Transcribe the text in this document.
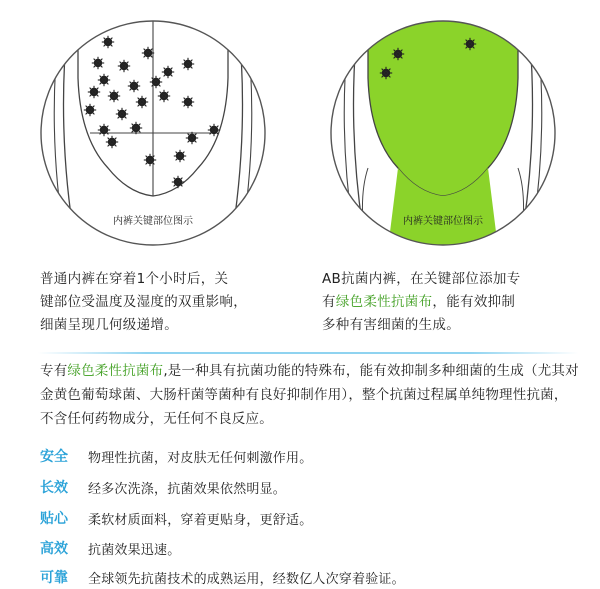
内裤关键部位图示	内裤关键部位图示
普通内裤在穿着1个小时后，关
键部位受温度及湿度的双重影响，
细菌呈现几何级递增。
AB抗菌内裤，在关键部位添加专
有绿色柔性抗菌布，能有效抑制
多种有害细菌的生成。
专有绿色柔性抗菌布,是一种具有抗菌功能的特殊布，能有效抑制多种细菌的生成（尤其对金黄色葡萄球菌、大肠杆菌等菌种有良好抑制作用），整个抗菌过程属单纯物理性抗菌，不含任何药物成分，无任何不良反应。
安全	物理性抗菌，对皮肤无任何刺激作用。
长效	经多次洗涤，抗菌效果依然明显。
贴心	柔软材质面料，穿着更贴身，更舒适。
高效	抗菌效果迅速。
可靠	全球领先抗菌技术的成熟运用，经数亿人次穿着验证。
